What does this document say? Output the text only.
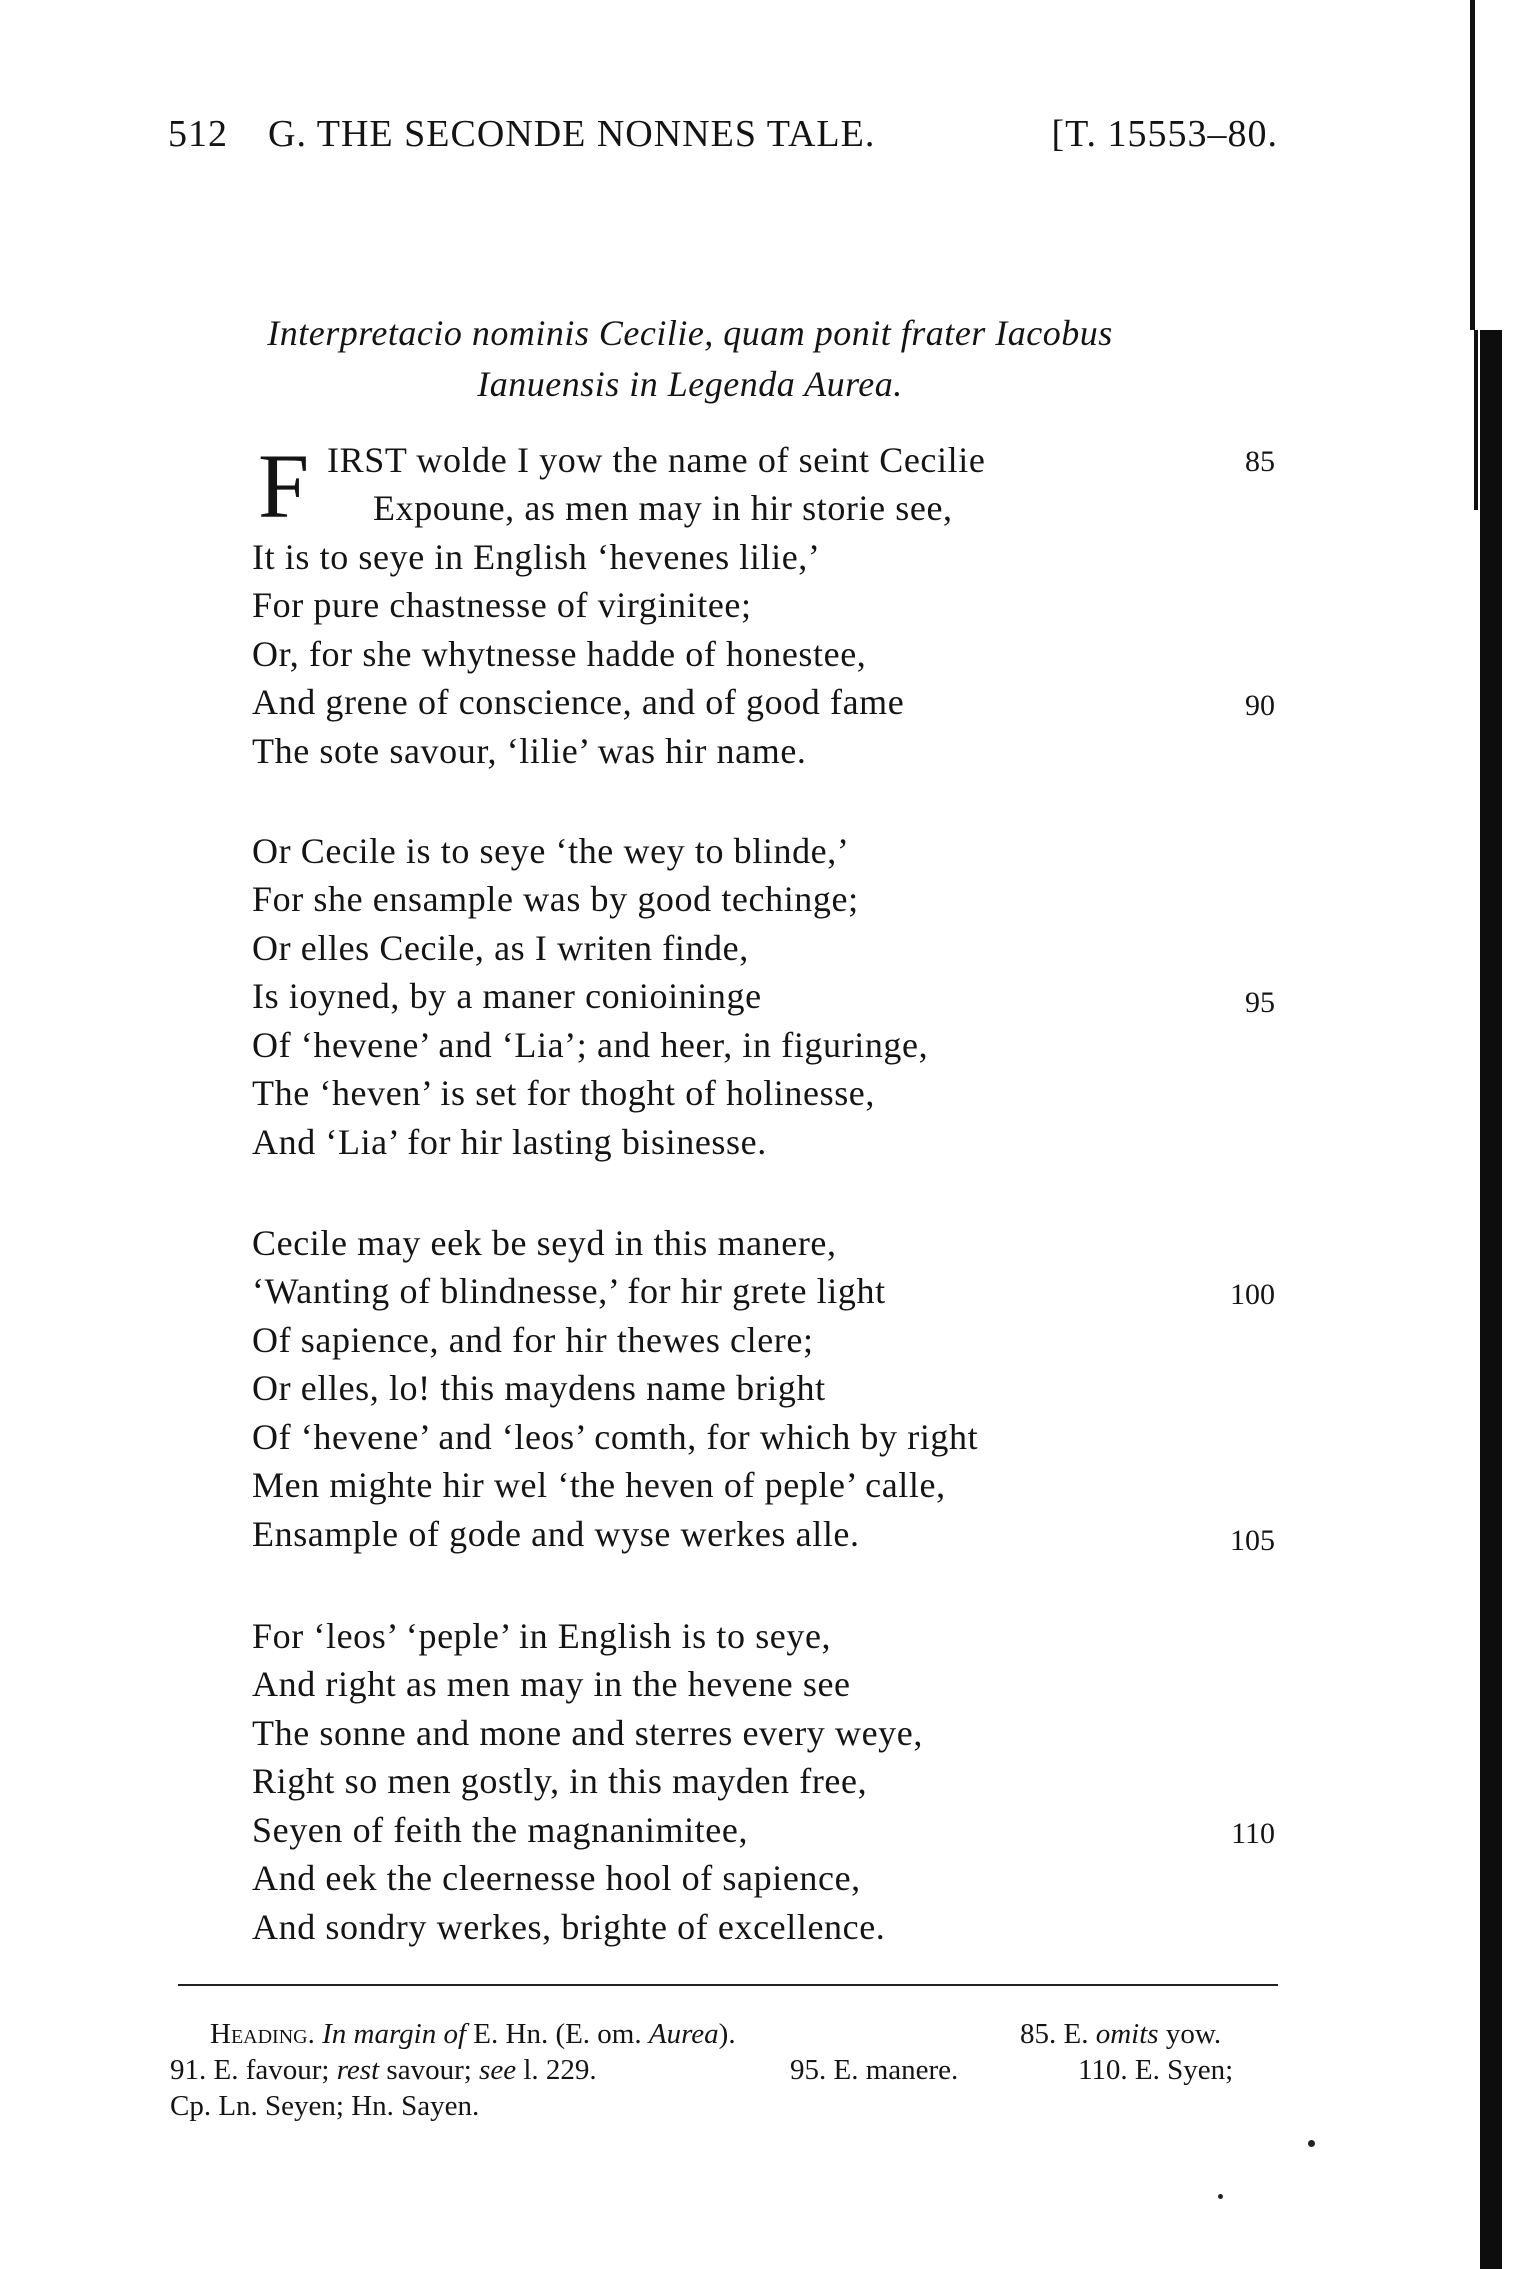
512 G. THE SECONDE NONNES TALE.	[T. 15553–80.
Interpretacio nominis Cecilie, quam ponit frater Iacobus
Ianuensis in Legenda Aurea.
F IRST wolde I yow the name of seint Cecilie
Expoune, as men may in hir storie see,
It is to seye in English ‘hevenes lilie,’
For pure chastnesse of virginitee;
Or, for she whytnesse hadde of honestee,
And grene of conscience, and of good fame
The sote savour, ‘lilie’ was hir name.
Or Cecile is to seye ‘the wey to blinde,’
For she ensample was by good techinge;
Or elles Cecile, as I writen finde,
Is ioyned, by a maner conioininge
Of ‘hevene’ and ‘Lia’; and heer, in figuringe,
The ‘heven’ is set for thoght of holinesse,
And ‘Lia’ for hir lasting bisinesse.
Cecile may eek be seyd in this manere,
‘Wanting of blindnesse,’ for hir grete light
Of sapience, and for hir thewes clere;
Or elles, lo! this maydens name bright
Of ‘hevene’ and ‘leos’ comth, for which by right
Men mighte hir wel ‘the heven of peple’ calle,
Ensample of gode and wyse werkes alle.
For ‘leos’ ‘peple’ in English is to seye,
And right as men may in the hevene see
The sonne and mone and sterres every weye,
Right so men gostly, in this mayden free,
Seyen of feith the magnanimitee,
And eek the cleernesse hool of sapience,
And sondry werkes, brighte of excellence.
85
90
95
100
105
110
Heading. In margin of E. Hn. (E. om. Aurea).	85. E. omits yow.
91. E. favour; rest savour; see l. 229.	95. E. manere.	110. E. Syen;
Cp. Ln. Seyen; Hn. Sayen.
